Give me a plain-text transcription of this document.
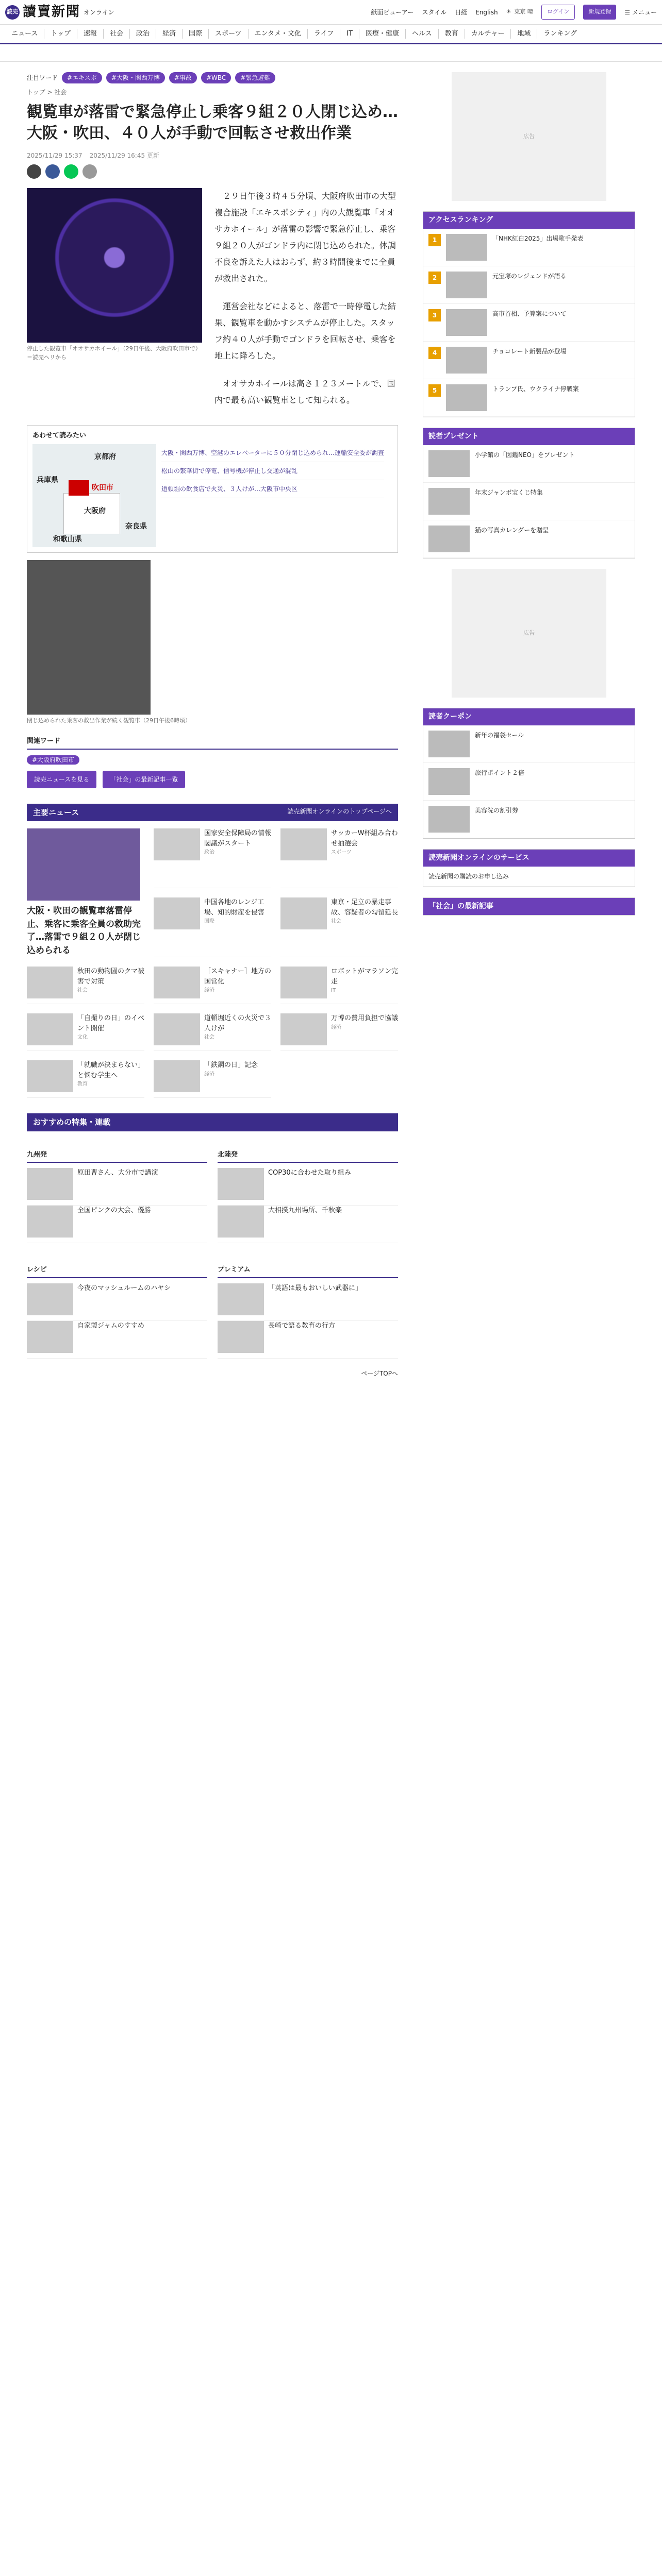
読売 讀賣新聞 オンライン	紙面ビューアー スタイル 日経 English ☀ 東京 晴	ログイン	新規登録	☰ メニュー
ニュース	トップ	速報	社会	政治	経済	国際	スポーツ	エンタメ・文化	ライフ	IT	医療・健康	ヘルス	教育	カルチャー	地域	ランキング
注目ワード	#エキスポ	#大阪・関西万博	#事故	#WBC	#緊急避難
トップ > 社会
観覧車が落雷で緊急停止し乗客９組２０人閉じ込め…大阪・吹田、４０人が手動で回転させ救出作業
2025/11/29 15:37 2025/11/29 16:45 更新
停止した観覧車「オオサカホイール」（29日午後、大阪府吹田市で）＝読売ヘリから

２９日午後３時４５分頃、大阪府吹田市の大型複合施設「エキスポシティ」内の大観覧車「オオサカホイール」が落雷の影響で緊急停止し、乗客９組２０人がゴンドラ内に閉じ込められた。体調不良を訴えた人はおらず、約３時間後までに全員が救出された。

運営会社などによると、落雷で一時停電した結果、観覧車を動かすシステムが停止した。スタッフ約４０人が手動でゴンドラを回転させ、乗客を地上に降ろした。

オオサカホイールは高さ１２３メートルで、国内で最も高い観覧車として知られる。

あわせて読みたい
京都府
兵庫県
大阪府
吹田市
和歌山県
奈良県
大阪・関西万博、空港のエレベーターに５０分閉じ込められ…運輸安全委が調査
松山の繁華街で停電、信号機が停止し交通が混乱
道頓堀の飲食店で火災、３人けが…大阪市中央区
閉じ込められた乗客の救出作業が続く観覧車（29日午後6時頃）
関連ワード
#大阪府吹田市
読売ニュースを見る	「社会」の最新記事一覧
主要ニュース	読売新聞オンラインのトップページへ
大阪・吹田の観覧車落雷停止、乗客に乗客全員の救助完了…落雷で９組２０人が閉じ込められる
国家安全保障局の情報閣議がスタート
政治
サッカーW杯組み合わせ抽選会
スポーツ
中国各地のレンジ工場、知的財産を侵害
国際
東京・足立の暴走事故、容疑者の勾留延長
社会
秋田の動物園のクマ被害で対策
社会
［スキャナー］地方の国営化
経済
ロボットがマラソン完走
IT
「自撮りの日」のイベント開催
文化
道頓堀近くの火災で３人けが
社会
万博の費用負担で協議
経済
「就職が決まらない」と悩む学生へ
教育
「鉄鋼の日」記念
経済
おすすめの特集・連載
九州発
原田曹さん、大分市で講演
全国ピンクの大会、優勝
北陸発
COP30に合わせた取り組み
大相撲九州場所、千秋楽
レシピ
今夜のマッシュルームのハヤシ
自家製ジャムのすすめ
プレミアム
「英語は最もおいしい武器に」
長崎で語る教育の行方
ページTOPへ
広告
アクセスランキング
1	「NHK紅白2025」出場歌手発表
2	元宝塚のレジェンドが語る
3	高市首相、予算案について
4	チョコレート新製品が登場
5	トランプ氏、ウクライナ停戦案
読者プレゼント
小学館の「図鑑NEO」をプレゼント
年末ジャンボ宝くじ特集
猫の写真カレンダーを贈呈
広告
読者クーポン
新年の福袋セール
旅行ポイント２倍
美容院の割引券
読売新聞オンラインのサービス
読売新聞の購読のお申し込み
「社会」の最新記事
